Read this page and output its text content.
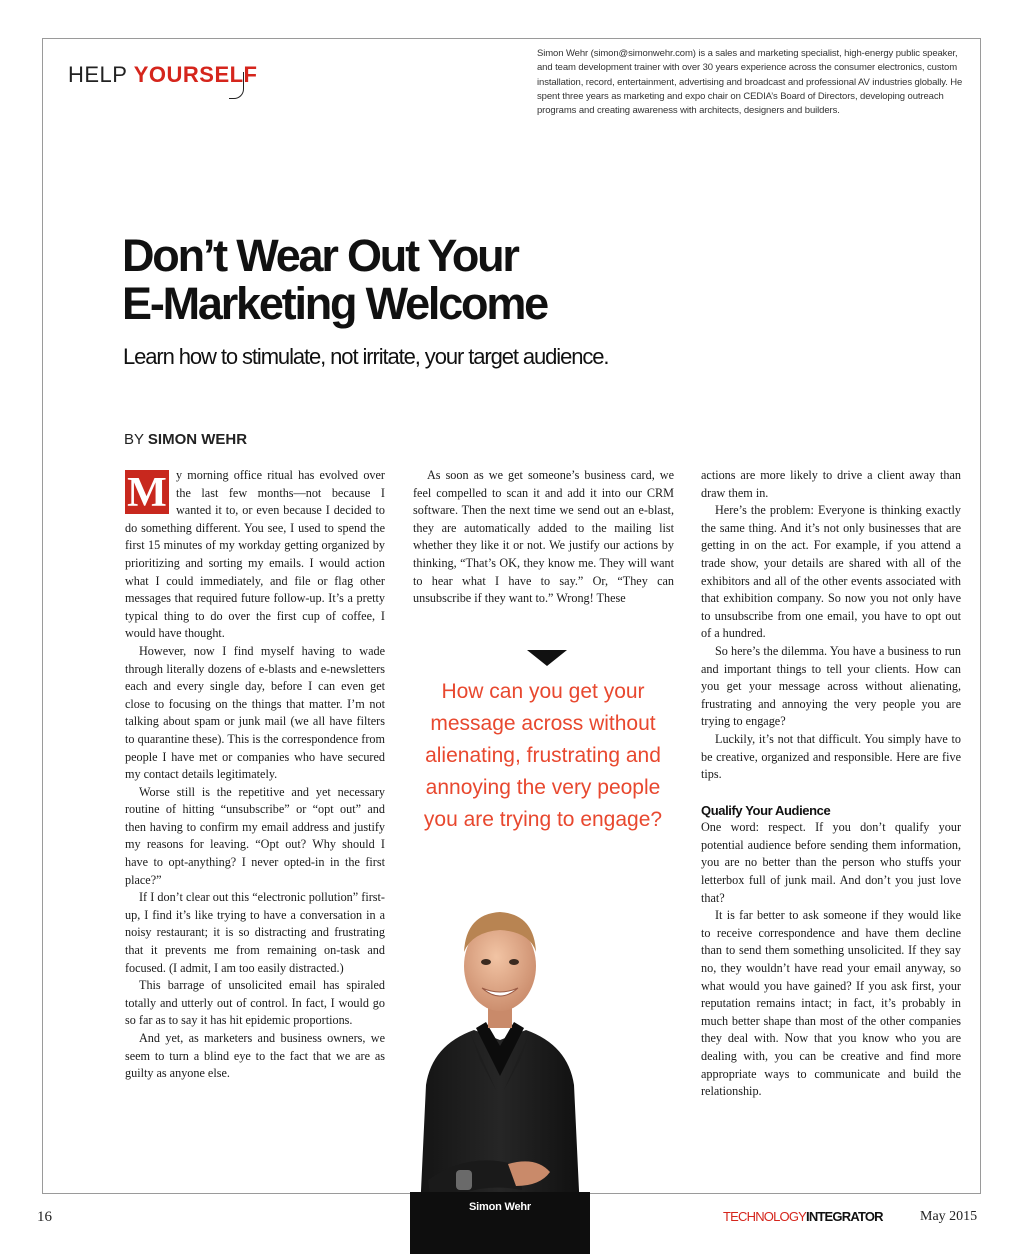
HELP YOURSELF
Simon Wehr (simon@simonwehr.com) is a sales and marketing specialist, high-energy public speaker, and team development trainer with over 30 years experience across the consumer electronics, custom installation, record, entertainment, advertising and broadcast and professional AV industries globally. He spent three years as marketing and expo chair on CEDIA’s Board of Directors, developing outreach programs and creating awareness with architects, designers and builders.
Don’t Wear Out Your
E-Marketing Welcome

Learn how to stimulate, not irritate, your target audience.

BY SIMON WEHR

M y morning office ritual has evolved over the last few months—not because I wanted it to, or even because I decided to do something different. You see, I used to spend the first 15 minutes of my workday getting organized by prioritizing and sorting my emails. I would action what I could immediately, and file or flag other messages that required future follow-up. It’s a pretty typical thing to do over the first cup of coffee, I would have thought.

However, now I find myself having to wade through literally dozens of e-blasts and e-newsletters each and every single day, before I can even get close to focusing on the things that matter. I’m not talking about spam or junk mail (we all have filters to quarantine these). This is the correspondence from people I have met or companies who have secured my contact details legitimately.

Worse still is the repetitive and yet necessary routine of hitting “unsubscribe” or “opt out” and then having to confirm my email address and justify my reasons for leaving. “Opt out? Why should I have to opt-anything? I never opted-in in the first place?”

If I don’t clear out this “electronic pollution” first-up, I find it’s like trying to have a conversation in a noisy restaurant; it is so distracting and frustrating that it prevents me from remaining on-task and focused. (I admit, I am too easily distracted.)

This barrage of unsolicited email has spiraled totally and utterly out of control. In fact, I would go so far as to say it has hit epidemic proportions.

And yet, as marketers and business owners, we seem to turn a blind eye to the fact that we are as guilty as anyone else.

As soon as we get someone’s business card, we feel compelled to scan it and add it into our CRM software. Then the next time we send out an e-blast, they are automatically added to the mailing list whether they like it or not. We justify our actions by thinking, “That’s OK, they know me. They will want to hear what I have to say.” Or, “They can unsubscribe if they want to.” Wrong! These

How can you get your message across without alienating, frustrating and annoying the very people you are trying to engage?

Simon Wehr

actions are more likely to drive a client away than draw them in.

Here’s the problem: Everyone is thinking exactly the same thing. And it’s not only businesses that are getting in on the act. For example, if you attend a trade show, your details are shared with all of the exhibitors and all of the other events associated with that exhibition company. So now you not only have to unsubscribe from one email, you have to opt out of a hundred.

So here’s the dilemma. You have a business to run and important things to tell your clients. How can you get your message across without alienating, frustrating and annoying the very people you are trying to engage?

Luckily, it’s not that difficult. You simply have to be creative, organized and responsible. Here are five tips.

Qualify Your Audience

One word: respect. If you don’t qualify your potential audience before sending them information, you are no better than the person who stuffs your letterbox full of junk mail. And don’t you just love that?

It is far better to ask someone if they would like to receive correspondence and have them decline than to send them something unsolicited. If they say no, they wouldn’t have read your email anyway, so what would you have gained? If you ask first, your reputation remains intact; in fact, it’s probably in much better shape than most of the other companies they deal with. Now that you know who you are dealing with, you can be creative and find more appropriate ways to communicate and build the relationship.

16	TECHNOLOGYINTEGRATOR	May 2015
